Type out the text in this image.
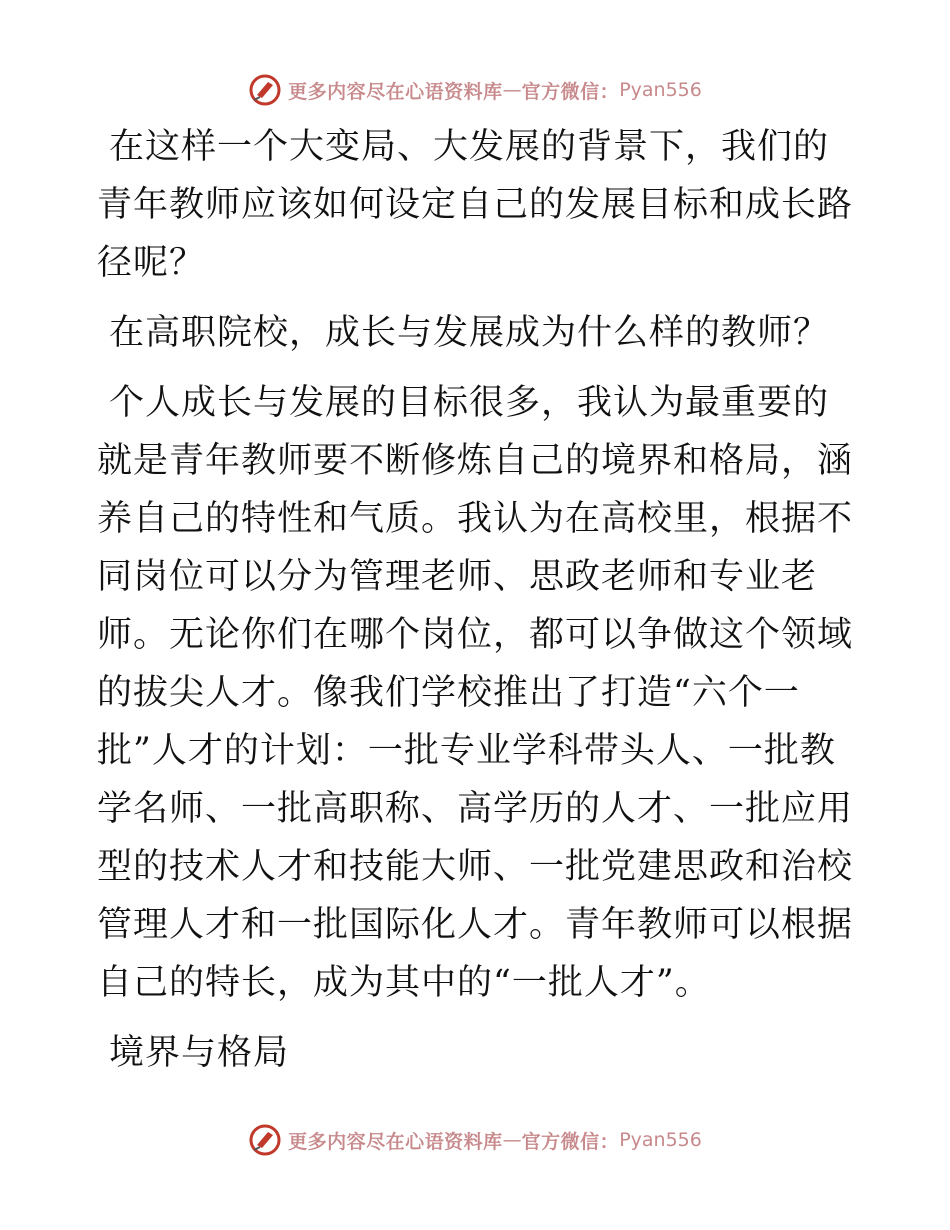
更多内容尽在心语资料库 — 官方微信： Pyan556

在这样一个大变局、大发展的背景下，我们的青年教师应该如何设定自己的发展目标和成长路径呢？

在高职院校，成长与发展成为什么样的教师？

个人成长与发展的目标很多，我认为最重要的就是青年教师要不断修炼自己的境界和格局，涵养自己的特性和气质。我认为在高校里，根据不同岗位可以分为管理老师、思政老师和专业老师。无论你们在哪个岗位，都可以争做这个领域的拔尖人才。像我们学校推出了打造“六个一批”人才的计划：一批专业学科带头人、一批教学名师、一批高职称、高学历的人才、一批应用型的技术人才和技能大师、一批党建思政和治校管理人才和一批国际化人才。青年教师可以根据自己的特长，成为其中的“一批人才”。

境界与格局

更多内容尽在心语资料库 — 官方微信： Pyan556
